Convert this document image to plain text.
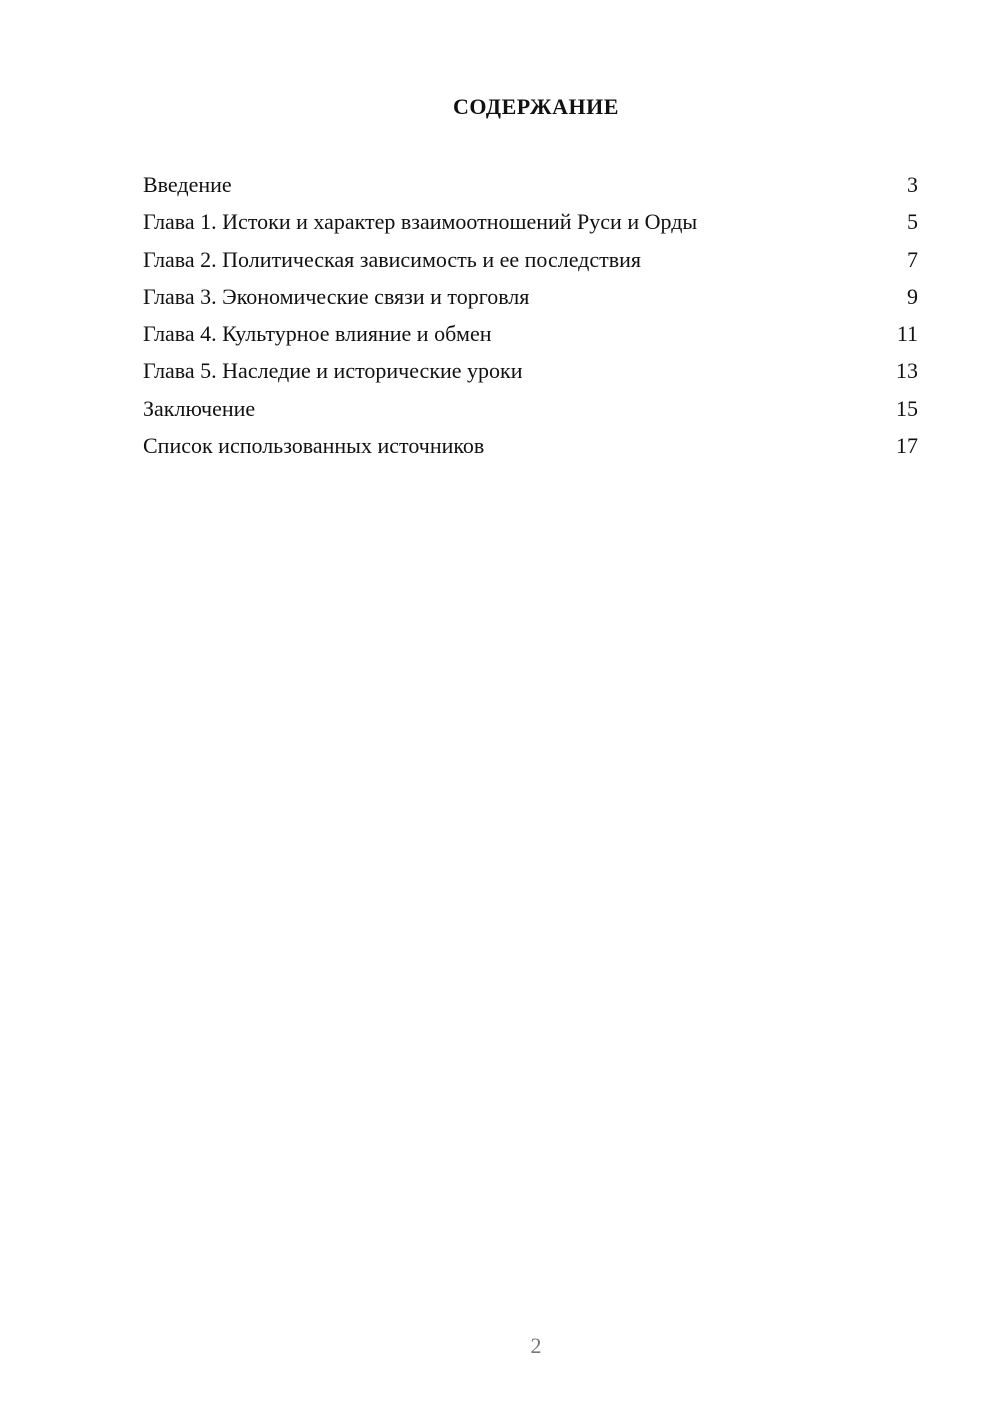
СОДЕРЖАНИЕ
Введение	3
Глава 1. Истоки и характер взаимоотношений Руси и Орды	5
Глава 2. Политическая зависимость и ее последствия	7
Глава 3. Экономические связи и торговля	9
Глава 4. Культурное влияние и обмен	11
Глава 5. Наследие и исторические уроки	13
Заключение	15
Список использованных источников	17
2
